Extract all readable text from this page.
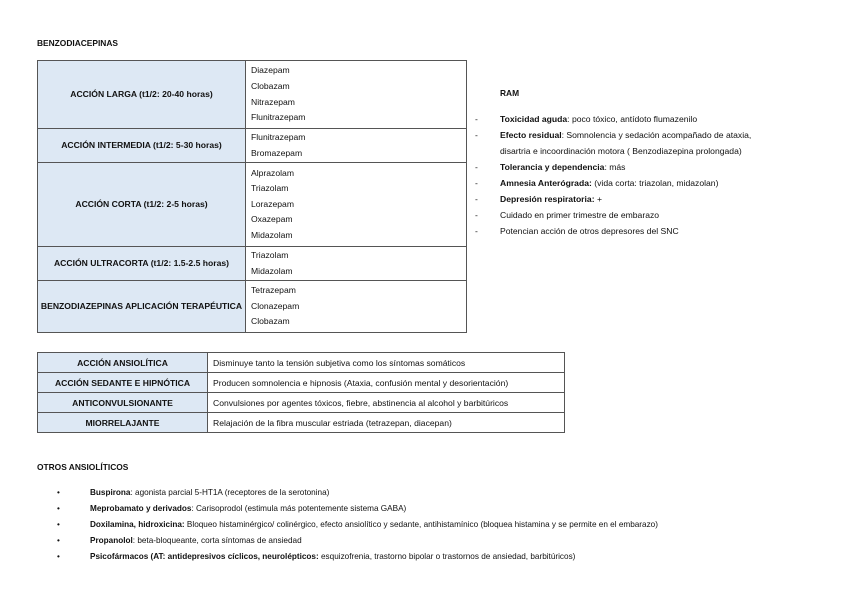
BENZODIACEPINAS
ACCIÓN LARGA (t1/2: 20-40 horas)	Diazepam
Clobazam
Nitrazepam
Flunitrazepam

ACCIÓN INTERMEDIA (t1/2: 5-30 horas)	Flunitrazepam
Bromazepam

ACCIÓN CORTA (t1/2: 2-5 horas)	Alprazolam
Triazolam
Lorazepam
Oxazepam
Midazolam

ACCIÓN ULTRACORTA (t1/2: 1.5-2.5 horas)	Triazolam
Midazolam

BENZODIAZEPINAS APLICACIÓN TERAPÉUTICA	Tetrazepam
Clonazepam
Clobazam
RAM
-	Toxicidad aguda: poco tóxico, antídoto flumazenilo
-	Efecto residual: Somnolencia y sedación acompañado de ataxia,
disartria e incoordinación motora ( Benzodiazepina prolongada)
-	Tolerancia y dependencia: más
-	Amnesia Anterógrada: (vida corta: triazolan, midazolan)
-	Depresión respiratoria: +
-	Cuidado en primer trimestre de embarazo
-	Potencian acción de otros depresores del SNC
ACCIÓN ANSIOLÍTICA	Disminuye tanto la tensión subjetiva como los síntomas somáticos
ACCIÓN SEDANTE E HIPNÓTICA	Producen somnolencia e hipnosis (Ataxia, confusión mental y desorientación)
ANTICONVULSIONANTE	Convulsiones por agentes tóxicos, fiebre, abstinencia al alcohol y barbitúricos
MIORRELAJANTE	Relajación de la fibra muscular estriada (tetrazepan, diacepan)
OTROS ANSIOLÍTICOS
•	Buspirona: agonista parcial 5-HT1A (receptores de la serotonina)
•	Meprobamato y derivados: Carisoprodol (estimula más potentemente sistema GABA)
•	Doxilamina, hidroxicina: Bloqueo histaminérgico/ colinérgico, efecto ansiolítico y sedante, antihistamínico (bloquea histamina y se permite en el embarazo)
•	Propanolol: beta-bloqueante, corta síntomas de ansiedad
•	Psicofármacos (AT: antidepresivos cíclicos, neurolépticos: esquizofrenia, trastorno bipolar o trastornos de ansiedad, barbitúricos)
